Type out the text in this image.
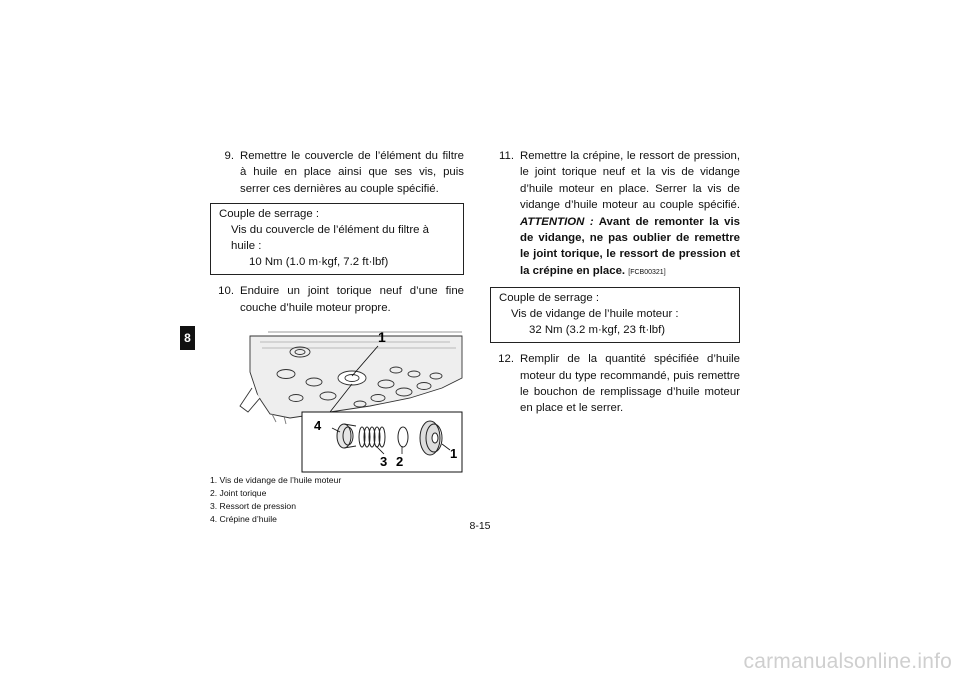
8
9. Remettre le couvercle de l’élément du filtre à huile en place ainsi que ses vis, puis serrer ces dernières au couple spécifié.
Couple de serrage :
Vis du couvercle de l’élément du filtre à huile :
10 Nm (1.0 m·kgf, 7.2 ft·lbf)
10. Enduire un joint torique neuf d’une fine couche d’huile moteur propre.
1
4
3 2
1
1. Vis de vidange de l’huile moteur
2. Joint torique
3. Ressort de pression
4. Crépine d’huile
11. Remettre la crépine, le ressort de pression, le joint torique neuf et la vis de vidange d’huile moteur en place. Serrer la vis de vidange d’huile moteur au couple spécifié. ATTENTION : Avant de remonter la vis de vidange, ne pas oublier de remettre le joint torique, le ressort de pression et la crépine en place. [FCB00321]
Couple de serrage :
Vis de vidange de l’huile moteur :
32 Nm (3.2 m·kgf, 23 ft·lbf)
12. Remplir de la quantité spécifiée d’huile moteur du type recommandé, puis remettre le bouchon de remplissage d’huile moteur en place et le serrer.
8-15
carmanualsonline.info
